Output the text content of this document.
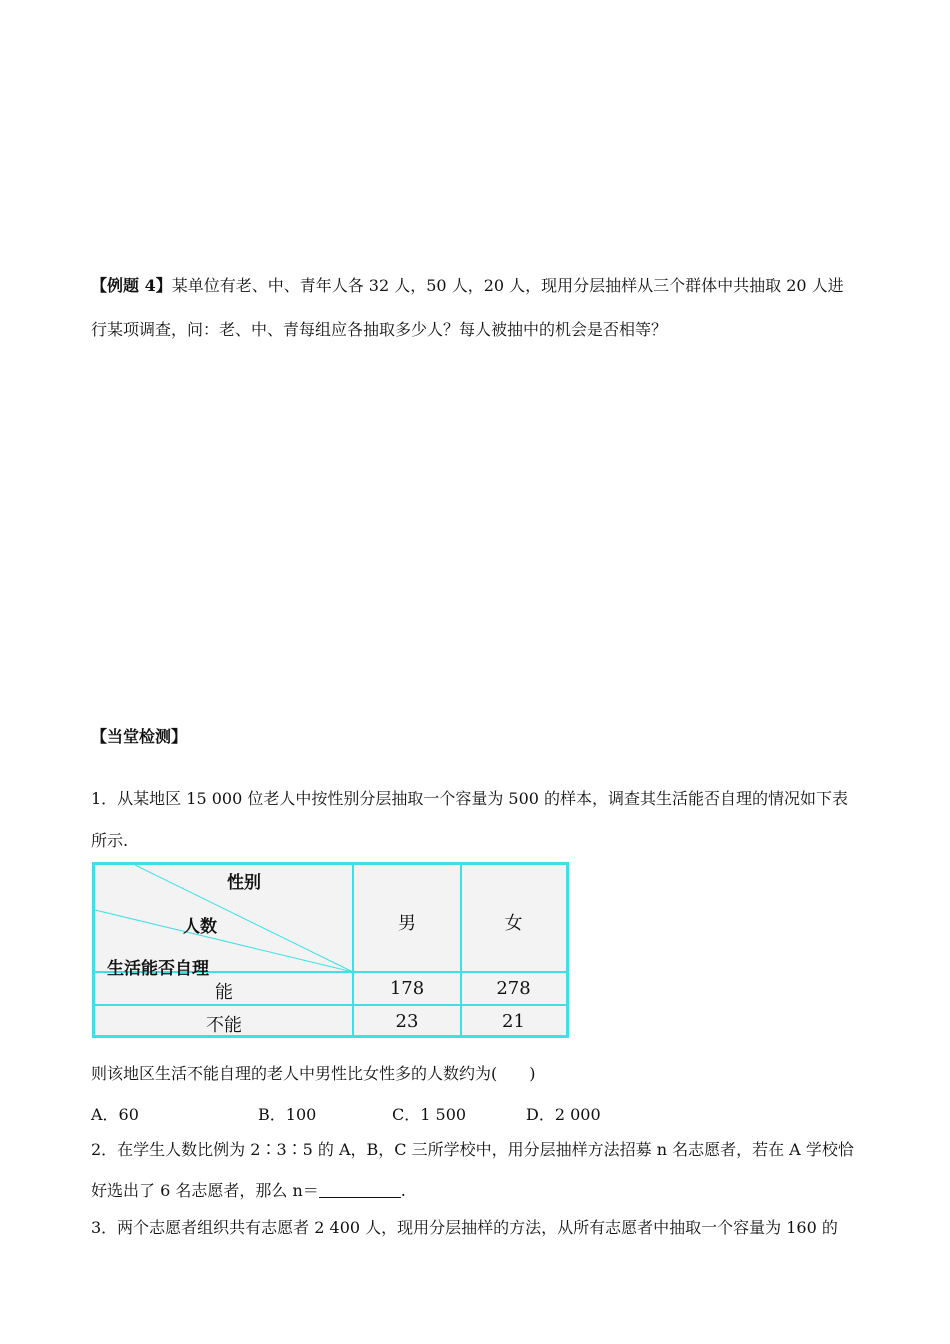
【例题 4】某单位有老、中、青年人各 32 人，50 人，20 人，现用分层抽样从三个群体中共抽取 20 人进
行某项调查，问：老、中、青每组应各抽取多少人？每人被抽中的机会是否相等？
【当堂检测】
1．从某地区 15 000 位老人中按性别分层抽取一个容量为 500 的样本，调查其生活能否自理的情况如下表
所示.
性别
人数
生活能否自理
男	女
能	178	278
不能	23	21
则该地区生活不能自理的老人中男性比女性多的人数约为(　　)
A．60	B．100	C．1 500	D．2 000
2．在学生人数比例为 2∶3∶5 的 A，B，C 三所学校中，用分层抽样方法招募 n 名志愿者，若在 A 学校恰
好选出了 6 名志愿者，那么 n＝	.
3．两个志愿者组织共有志愿者 2 400 人，现用分层抽样的方法，从所有志愿者中抽取一个容量为 160 的
